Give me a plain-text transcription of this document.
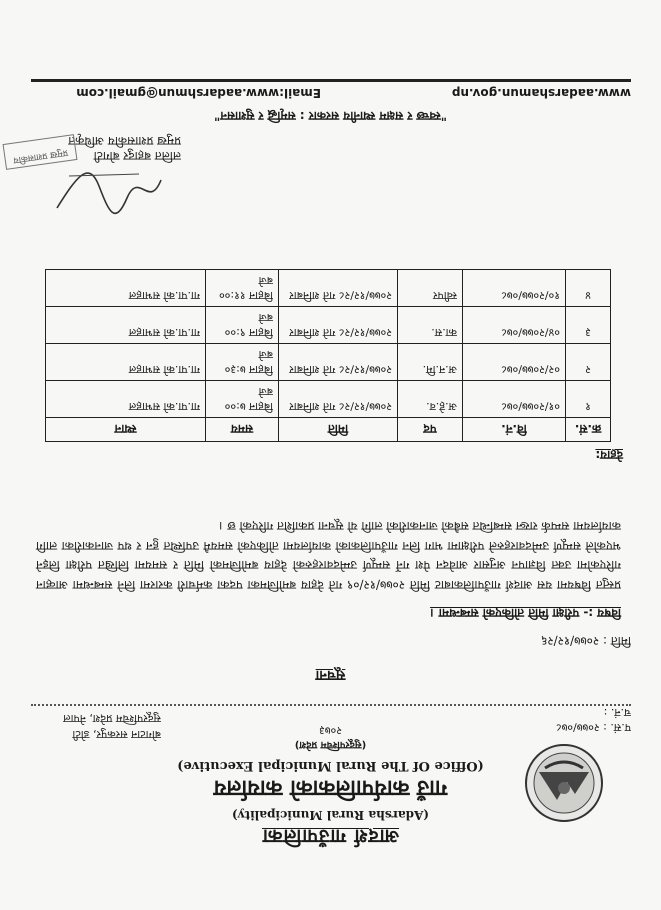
आदर्श गाउँपालिका
(Adarsha Rural Municipality)
गाउँ कार्यपालिकाको कार्यालय
(Office Of The Rural Municipal Executive)
(सुदूरपश्चिम प्रदेश)
२०७३	प.सं. : २०७७/०७८
च.नं. :
बोगटान सरकपुर, डोटी
सुदूरपश्चिम प्रदेश, नेपाल
सूचना
मिति : २०७७/१२/२६
विषय :- परीक्षा मिति तोकिएको सम्बन्धमा ।
प्रस्तुत विषयमा यस आदर्श गाउँपालिकाबाट मिति २०७७/१२/०९ गते देहाय बमोजिमका पदका कर्मचारी करारमा लिने सम्बन्धमा आव्हान गरिएकोमा उक्त विज्ञापन अनुसार आवेदन पेश गर्ने सम्पूर्ण उम्मेदवारहरुको देहाय बमोजिमको मिति र समयमा लिखित परीक्षा लिइने भएकोले सम्पूर्ण उम्मेदवारहरुले परीक्षामा भाग लिन गाउँपालिकाको कार्यालयमा तोकिएको समयमै उपस्थित हुन र थप जानकारीका लागि कार्यालयमा सम्पर्क राख्न सम्बन्धित सबैको जानकारीको लागि यो सूचना प्रकाशित गरिएको छ ।
देहाय:
क्र.सं.	वि.नं.	पद	मिति	समय	स्थान
१	०१/२०७७/०७८	अ.हे.व.	२०७७/१२/२८ गते शनिबार	बिहान ७:०० बजे	गा.पा.को सभाहल
२	०२/२०७७/०७८	अ.न.मि.	२०७७/१२/२८ गते शनिबार	बिहान ७:३० बजे	गा.पा.को सभाहल
३	०४/२०७७/०७८	का.स.	२०७७/१२/२८ गते शनिबार	बिहान ९:०० बजे	गा.पा.को सभाहल
४	१०/२०७७/०७८	स्वीपर	२०७७/१२/२८ गते शनिबार	बिहान ११:०० बजे	गा.पा.को सभाहल
ललित बहादुर बोगटी
प्रमुख प्रशासकीय अधिकृत
प्रमुख प्रशासकीय
"स्वच्छ र सक्षम स्थानीय सरकार : समृद्धि र सुशासन"
www.aadarshamun.gov.np
Email:www.aadarshmun@gmail.com
